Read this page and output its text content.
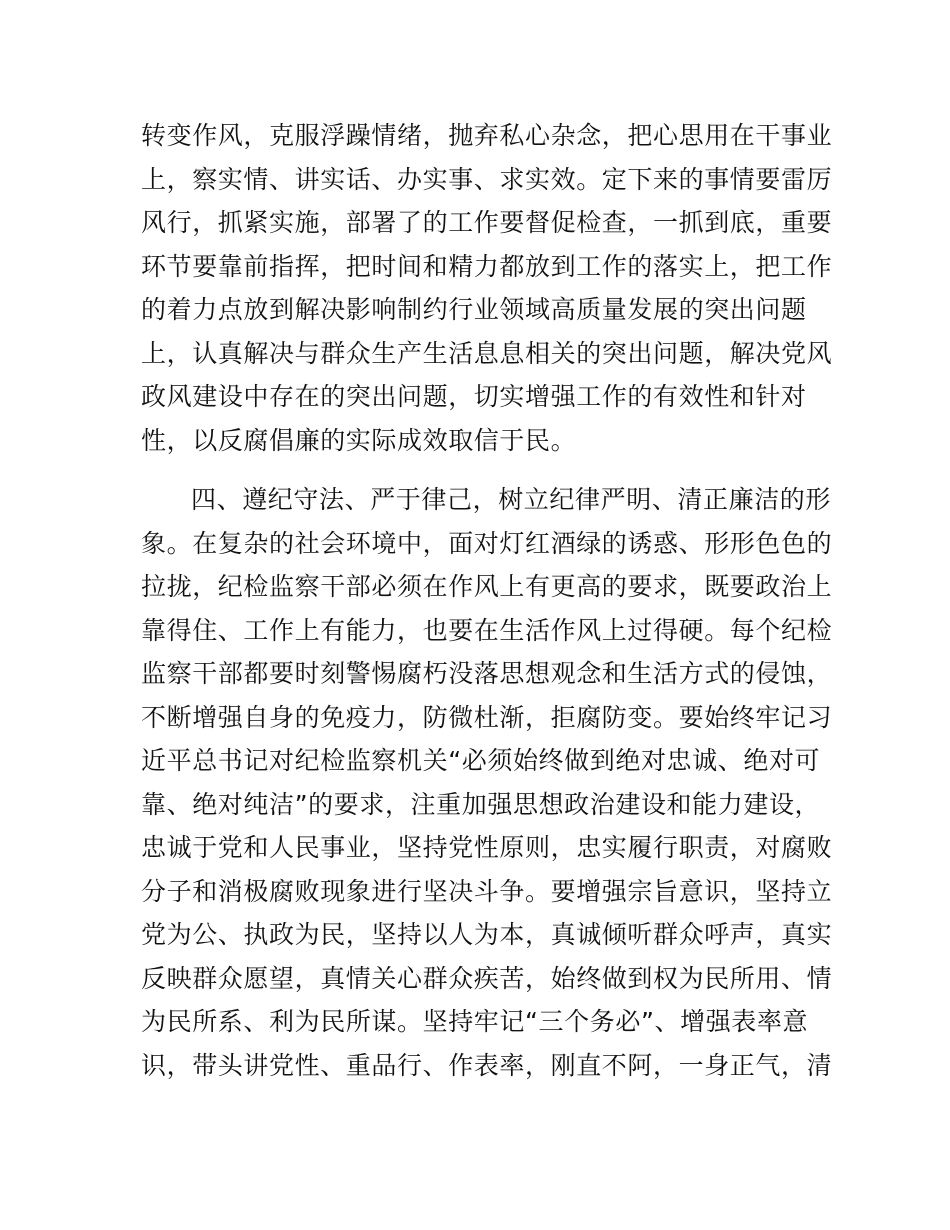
转变作风，克服浮躁情绪，抛弃私心杂念，把心思用在干事业
上，察实情、讲实话、办实事、求实效。定下来的事情要雷厉
风行，抓紧实施，部署了的工作要督促检查，一抓到底，重要
环节要靠前指挥，把时间和精力都放到工作的落实上，把工作
的着力点放到解决影响制约行业领域高质量发展的突出问题
上，认真解决与群众生产生活息息相关的突出问题，解决党风
政风建设中存在的突出问题，切实增强工作的有效性和针对
性，以反腐倡廉的实际成效取信于民。
四、遵纪守法、严于律己，树立纪律严明、清正廉洁的形
象。在复杂的社会环境中，面对灯红酒绿的诱惑、形形色色的
拉拢，纪检监察干部必须在作风上有更高的要求，既要政治上
靠得住、工作上有能力，也要在生活作风上过得硬。每个纪检
监察干部都要时刻警惕腐朽没落思想观念和生活方式的侵蚀，
不断增强自身的免疫力，防微杜渐，拒腐防变。要始终牢记习
近平总书记对纪检监察机关“必须始终做到绝对忠诚、绝对可
靠、绝对纯洁”的要求，注重加强思想政治建设和能力建设，
忠诚于党和人民事业，坚持党性原则，忠实履行职责，对腐败
分子和消极腐败现象进行坚决斗争。要增强宗旨意识，坚持立
党为公、执政为民，坚持以人为本，真诚倾听群众呼声，真实
反映群众愿望，真情关心群众疾苦，始终做到权为民所用、情
为民所系、利为民所谋。坚持牢记“三个务必”、增强表率意
识，带头讲党性、重品行、作表率，刚直不阿，一身正气，清
